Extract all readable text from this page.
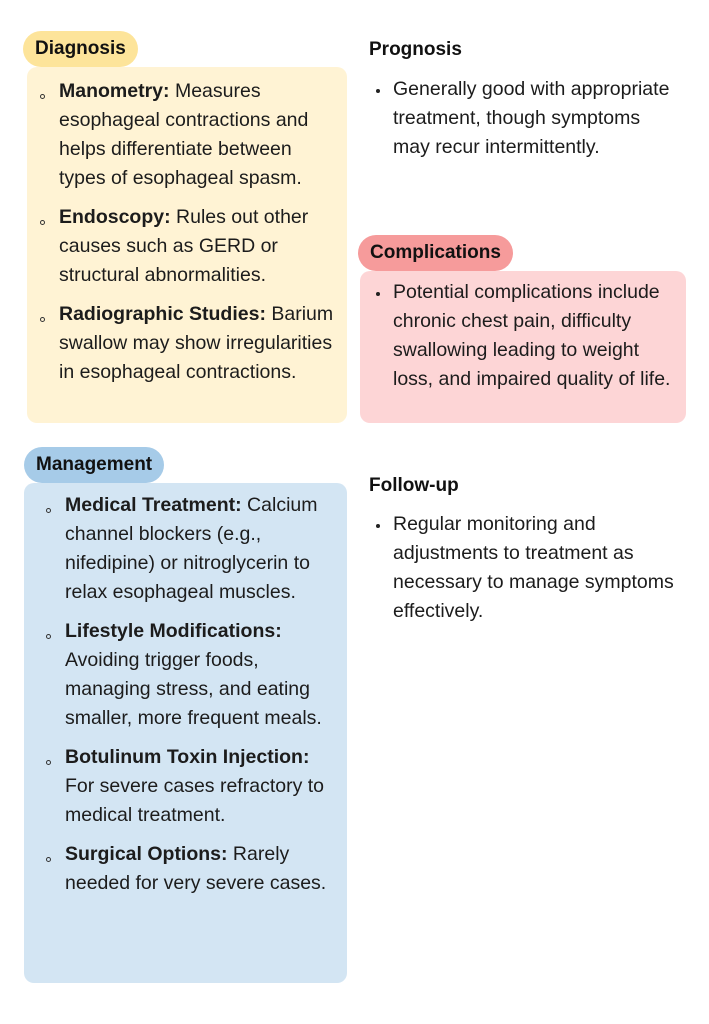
Manometry: Measures esophageal contractions and helps differentiate between types of esophageal spasm.
Endoscopy: Rules out other causes such as GERD or structural abnormalities.
Radiographic Studies: Barium swallow may show irregularities in esophageal contractions.
Diagnosis
Medical Treatment: Calcium channel blockers (e.g., nifedipine) or nitroglycerin to relax esophageal muscles.
Lifestyle Modifications: Avoiding trigger foods, managing stress, and eating smaller, more frequent meals.
Botulinum Toxin Injection: For severe cases refractory to medical treatment.
Surgical Options: Rarely needed for very severe cases.
Management
Prognosis
Generally good with appropriate treatment, though symptoms may recur intermittently.
Potential complications include chronic chest pain, difficulty swallowing leading to weight loss, and impaired quality of life.
Complications
Follow-up
Regular monitoring and adjustments to treatment as necessary to manage symptoms effectively.
